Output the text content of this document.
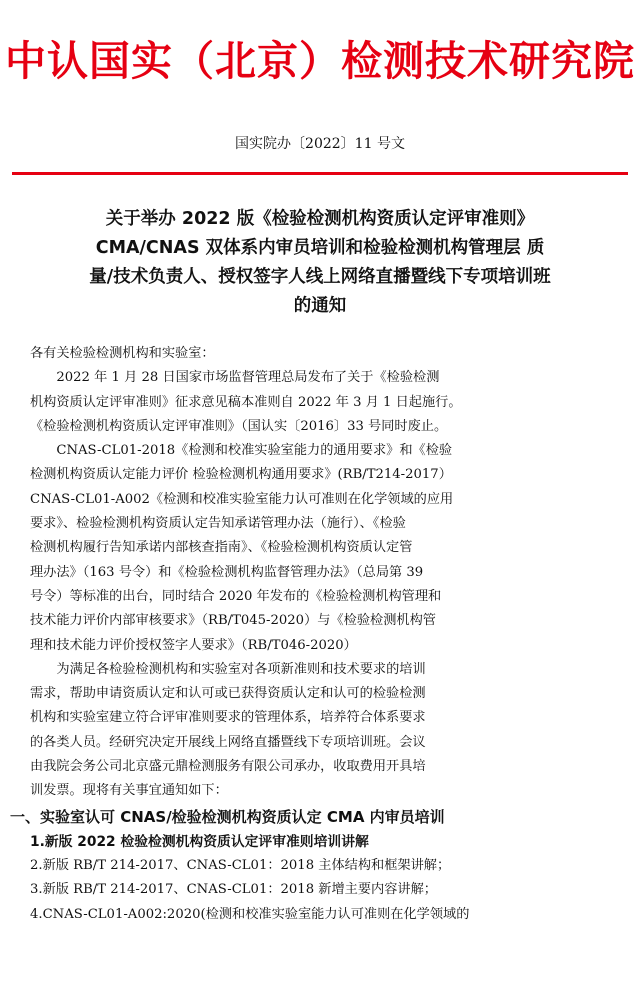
中认国实（北京）检测技术研究院
国实院办〔2022〕11 号文
关于举办 2022 版《检验检测机构资质认定评审准则》
CMA/CNAS 双体系内审员培训和检验检测机构管理层 质
量/技术负责人、授权签字人线上网络直播暨线下专项培训班
的通知

各有关检验检测机构和实验室：

2022 年 1 月 28 日国家市场监督管理总局发布了关于《检验检测
机构资质认定评审准则》征求意见稿本准则自 2022 年 3 月 1 日起施行。
《检验检测机构资质认定评审准则》（国认实〔2016〕33 号同时废止。

CNAS-CL01-2018《检测和校准实验室能力的通用要求》和《检验
检测机构资质认定能力评价 检验检测机构通用要求》(RB/T214-2017）
CNAS-CL01-A002《检测和校准实验室能力认可准则在化学领域的应用
要求》、检验检测机构资质认定告知承诺管理办法（施行）、《检验
检测机构履行告知承诺内部核查指南》、《检验检测机构资质认定管
理办法》（163 号令）和《检验检测机构监督管理办法》（总局第 39
号令）等标准的出台，同时结合 2020 年发布的《检验检测机构管理和
技术能力评价内部审核要求》（RB/T045-2020）与《检验检测机构管
理和技术能力评价授权签字人要求》（RB/T046-2020）

为满足各检验检测机构和实验室对各项新准则和技术要求的培训
需求，帮助申请资质认定和认可或已获得资质认定和认可的检验检测
机构和实验室建立符合评审准则要求的管理体系，培养符合体系要求
的各类人员。经研究决定开展线上网络直播暨线下专项培训班。会议
由我院会务公司北京盛元鼎检测服务有限公司承办，收取费用开具培
训发票。现将有关事宜通知如下：

一、实验室认可 CNAS/检验检测机构资质认定 CMA 内审员培训
1.新版 2022 检验检测机构资质认定评审准则培训讲解
2.新版 RB/T 214-2017、CNAS-CL01：2018 主体结构和框架讲解；
3.新版 RB/T 214-2017、CNAS-CL01：2018 新增主要内容讲解；
4.CNAS-CL01-A002:2020(检测和校准实验室能力认可准则在化学领域的
